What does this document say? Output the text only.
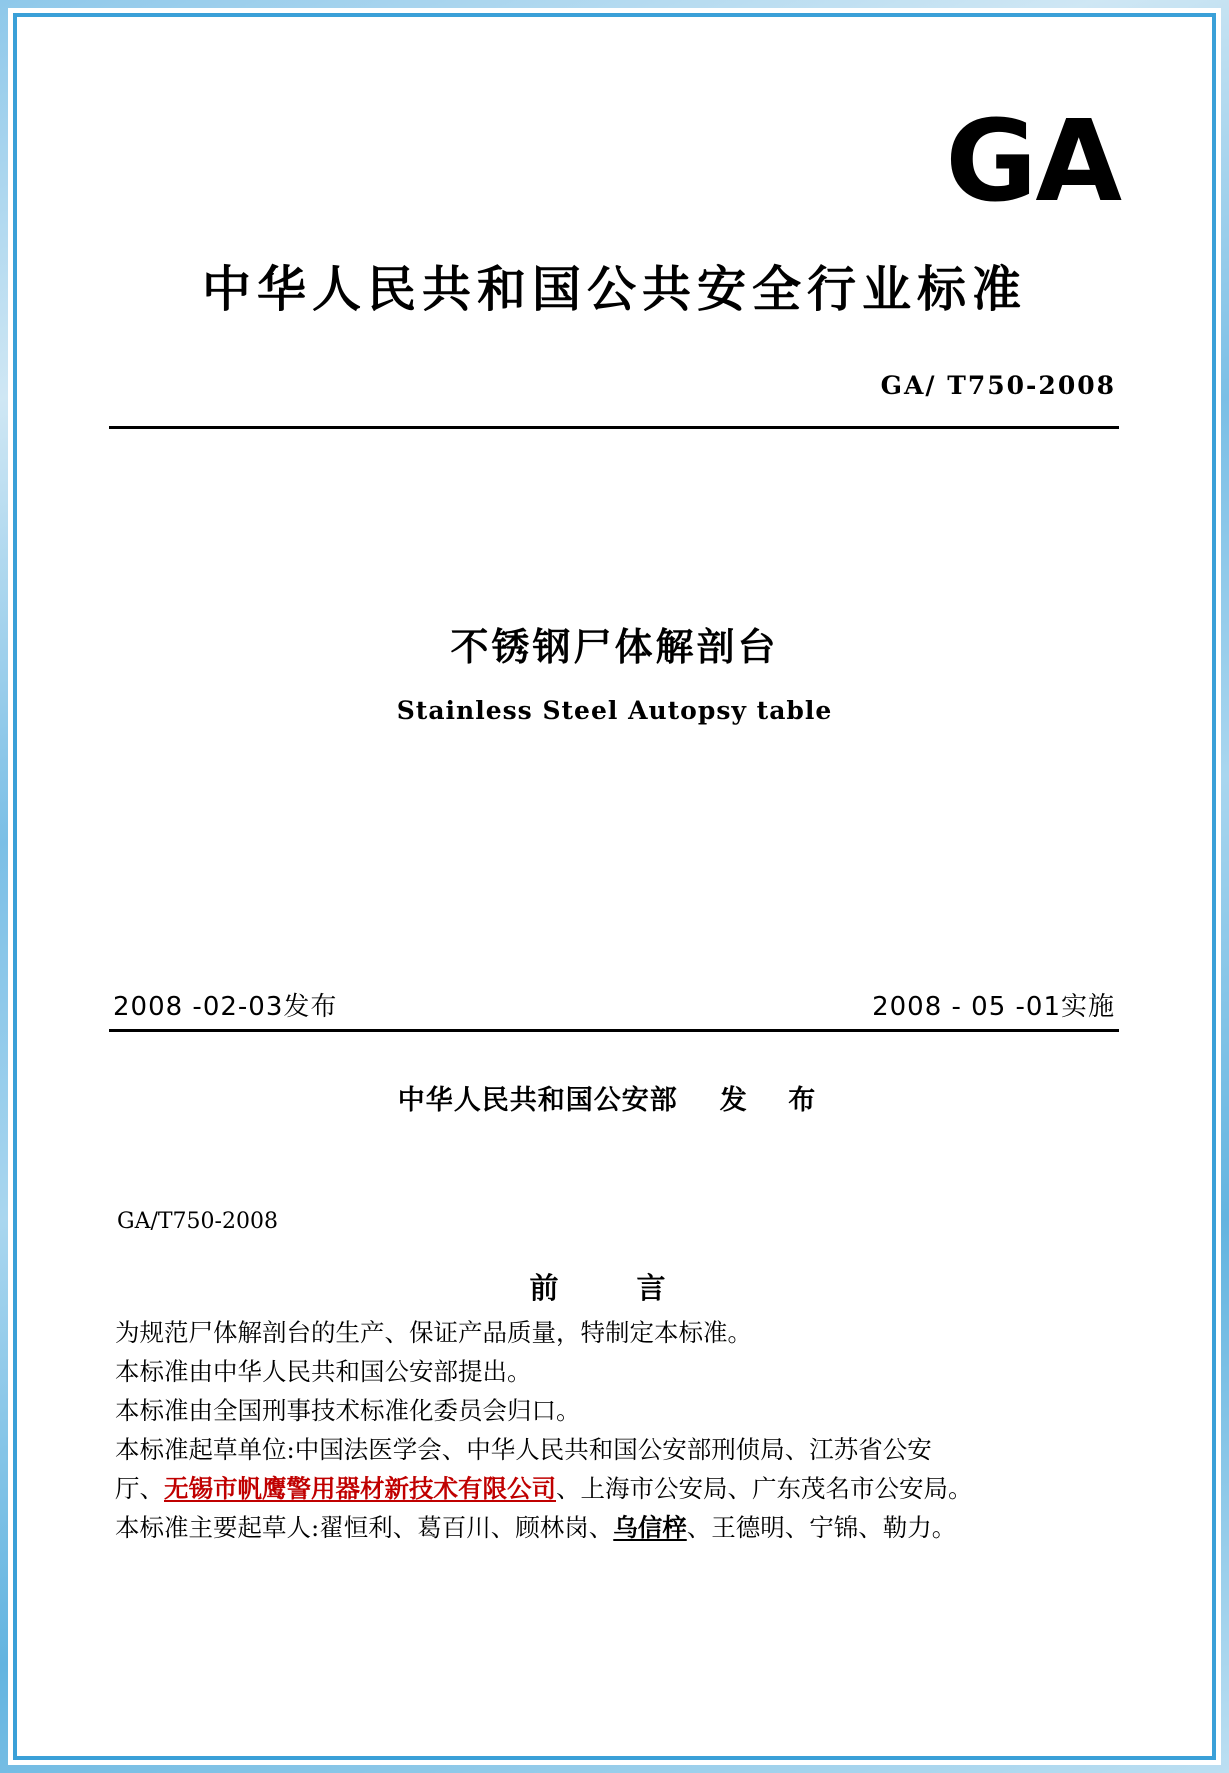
GA
中华人民共和国公共安全行业标准
GA/ T750-2008
不锈钢尸体解剖台
Stainless Steel Autopsy table
2008 -02-03发布	2008 - 05 -01实施
中华人民共和国公安部 发 布
GA/T750-2008
前 言

为规范尸体解剖台的生产、保证产品质量，特制定本标准。

本标准由中华人民共和国公安部提出。

本标准由全国刑事技术标准化委员会归口。

本标准起草单位:中国法医学会、中华人民共和国公安部刑侦局、江苏省公安

厅、无锡市帆鹰警用器材新技术有限公司、上海市公安局、广东茂名市公安局。

本标准主要起草人:翟恒利、葛百川、顾林岗、乌信梓、王德明、宁锦、勒力。
